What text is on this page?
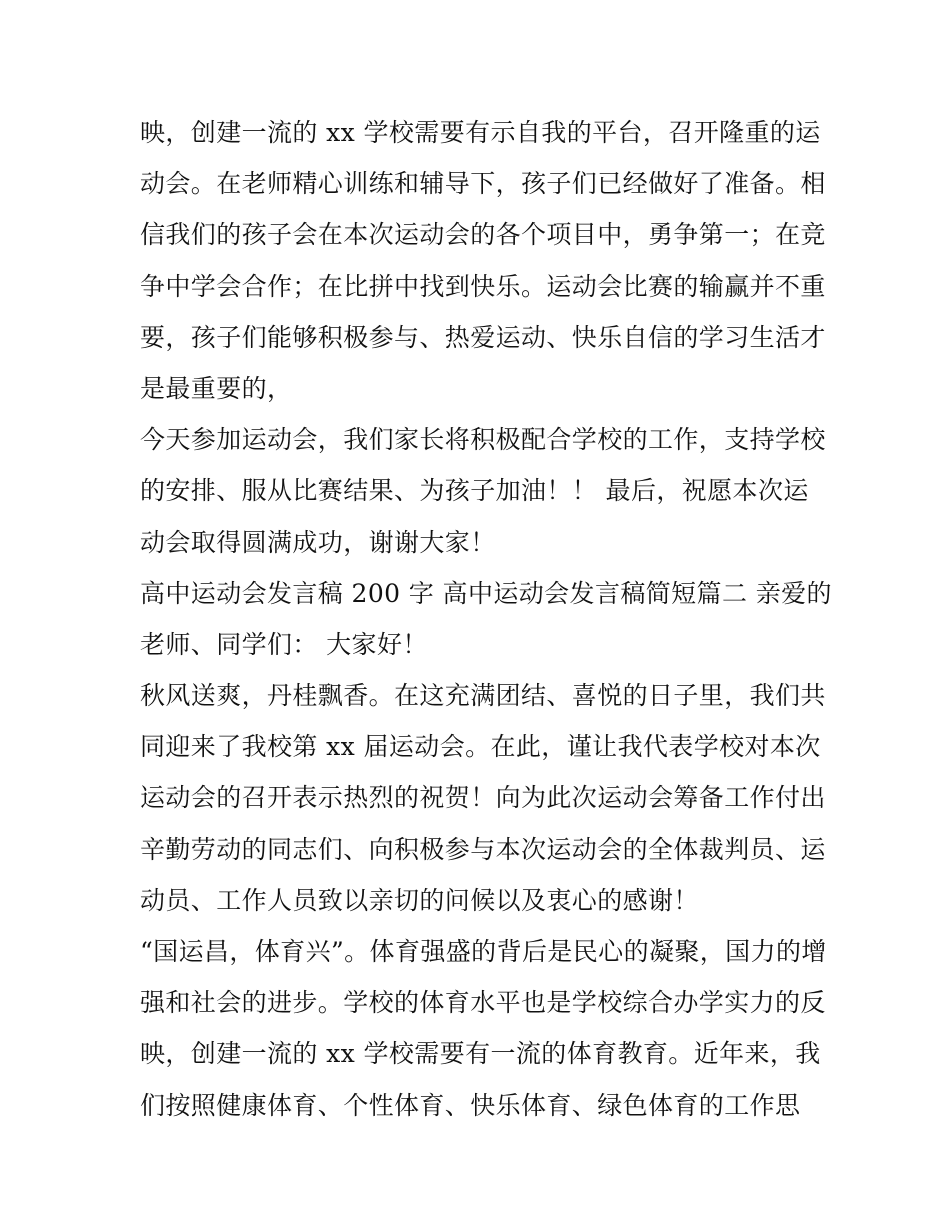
映，创建一流的 xx 学校需要有示自我的平台，召开隆重的运
动会。在老师精心训练和辅导下，孩子们已经做好了准备。相
信我们的孩子会在本次运动会的各个项目中，勇争第一；在竞
争中学会合作；在比拼中找到快乐。运动会比赛的输赢并不重
要，孩子们能够积极参与、热爱运动、快乐自信的学习生活才
是最重要的，
今天参加运动会，我们家长将积极配合学校的工作，支持学校
的安排、服从比赛结果、为孩子加油！！ 最后，祝愿本次运
动会取得圆满成功，谢谢大家！
高中运动会发言稿 200 字 高中运动会发言稿简短篇二 亲爱的
老师、同学们： 大家好！
秋风送爽，丹桂飘香。在这充满团结、喜悦的日子里，我们共
同迎来了我校第 xx 届运动会。在此，谨让我代表学校对本次
运动会的召开表示热烈的祝贺！向为此次运动会筹备工作付出
辛勤劳动的同志们、向积极参与本次运动会的全体裁判员、运
动员、工作人员致以亲切的问候以及衷心的感谢！
“国运昌，体育兴”。体育强盛的背后是民心的凝聚，国力的增
强和社会的进步。学校的体育水平也是学校综合办学实力的反
映，创建一流的 xx 学校需要有一流的体育教育。近年来，我
们按照健康体育、个性体育、快乐体育、绿色体育的工作思
